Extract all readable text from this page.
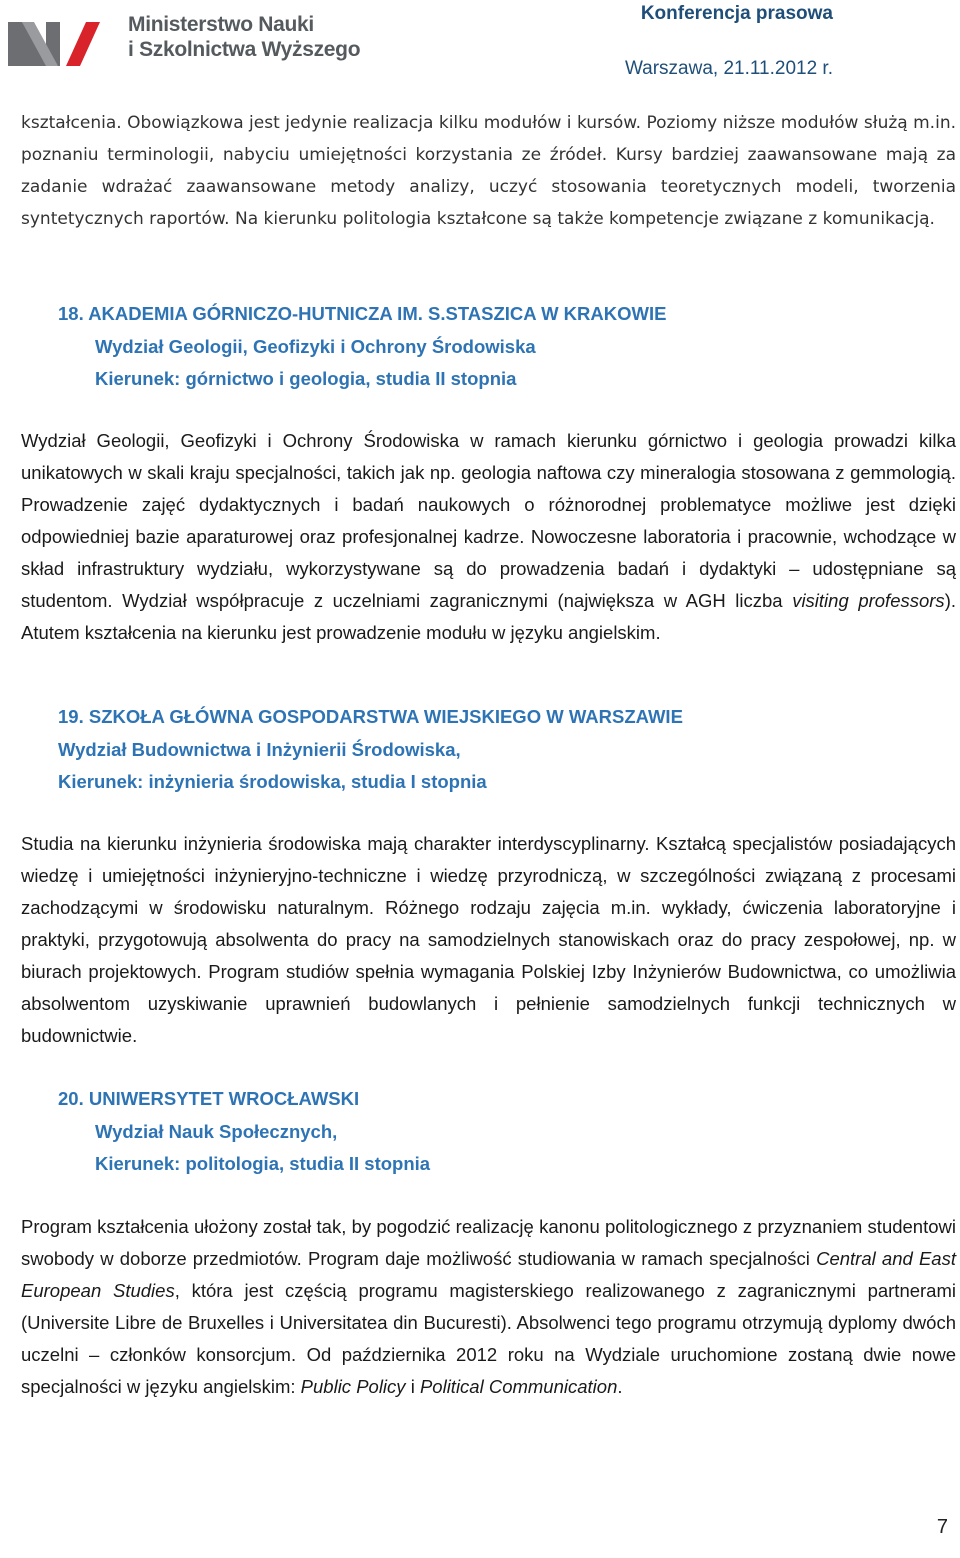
Ministerstwo Nauki
i Szkolnictwa Wyższego
Konferencja prasowa
Warszawa, 21.11.2012 r.

kształcenia. Obowiązkowa jest jedynie realizacja kilku modułów i kursów. Poziomy niższe modułów służą m.in. poznaniu terminologii, nabyciu umiejętności korzystania ze źródeł. Kursy bardziej zaawansowane mają za zadanie wdrażać zaawansowane metody analizy, uczyć stosowania teoretycznych modeli, tworzenia syntetycznych raportów. Na kierunku politologia kształcone są także kompetencje związane z komunikacją.

18. AKADEMIA GÓRNICZO-HUTNICZA IM. S.STASZICA W KRAKOWIE
Wydział Geologii, Geofizyki i Ochrony Środowiska
Kierunek: górnictwo i geologia, studia II stopnia

Wydział Geologii, Geofizyki i Ochrony Środowiska w ramach kierunku górnictwo i geologia prowadzi kilka unikatowych w skali kraju specjalności, takich jak np. geologia naftowa czy mineralogia stosowana z gemmologią. Prowadzenie zajęć dydaktycznych i badań naukowych o różnorodnej problematyce możliwe jest dzięki odpowiedniej bazie aparaturowej oraz profesjonalnej kadrze. Nowoczesne laboratoria i pracownie, wchodzące w skład infrastruktury wydziału, wykorzystywane są do prowadzenia badań i dydaktyki – udostępniane są studentom. Wydział współpracuje z uczelniami zagranicznymi (największa w AGH liczba visiting professors). Atutem kształcenia na kierunku jest prowadzenie modułu w języku angielskim.

19. SZKOŁA GŁÓWNA GOSPODARSTWA WIEJSKIEGO W WARSZAWIE
Wydział Budownictwa i Inżynierii Środowiska,
Kierunek: inżynieria środowiska, studia I stopnia

Studia na kierunku inżynieria środowiska mają charakter interdyscyplinarny. Kształcą specjalistów posiadających wiedzę i umiejętności inżynieryjno-techniczne i wiedzę przyrodniczą, w szczególności związaną z procesami zachodzącymi w środowisku naturalnym. Różnego rodzaju zajęcia m.in. wykłady, ćwiczenia laboratoryjne i praktyki, przygotowują absolwenta do pracy na samodzielnych stanowiskach oraz do pracy zespołowej, np. w biurach projektowych. Program studiów spełnia wymagania Polskiej Izby Inżynierów Budownictwa, co umożliwia absolwentom uzyskiwanie uprawnień budowlanych i pełnienie samodzielnych funkcji technicznych w budownictwie.

20. UNIWERSYTET WROCŁAWSKI
Wydział Nauk Społecznych,
Kierunek: politologia, studia II stopnia

Program kształcenia ułożony został tak, by pogodzić realizację kanonu politologicznego z przyznaniem studentowi swobody w doborze przedmiotów. Program daje możliwość studiowania w ramach specjalności Central and East European Studies, która jest częścią programu magisterskiego realizowanego z zagranicznymi partnerami (Universite Libre de Bruxelles i Universitatea din Bucuresti). Absolwenci tego programu otrzymują dyplomy dwóch uczelni – członków konsorcjum. Od października 2012 roku na Wydziale uruchomione zostaną dwie nowe specjalności w języku angielskim: Public Policy i Political Communication.

7
